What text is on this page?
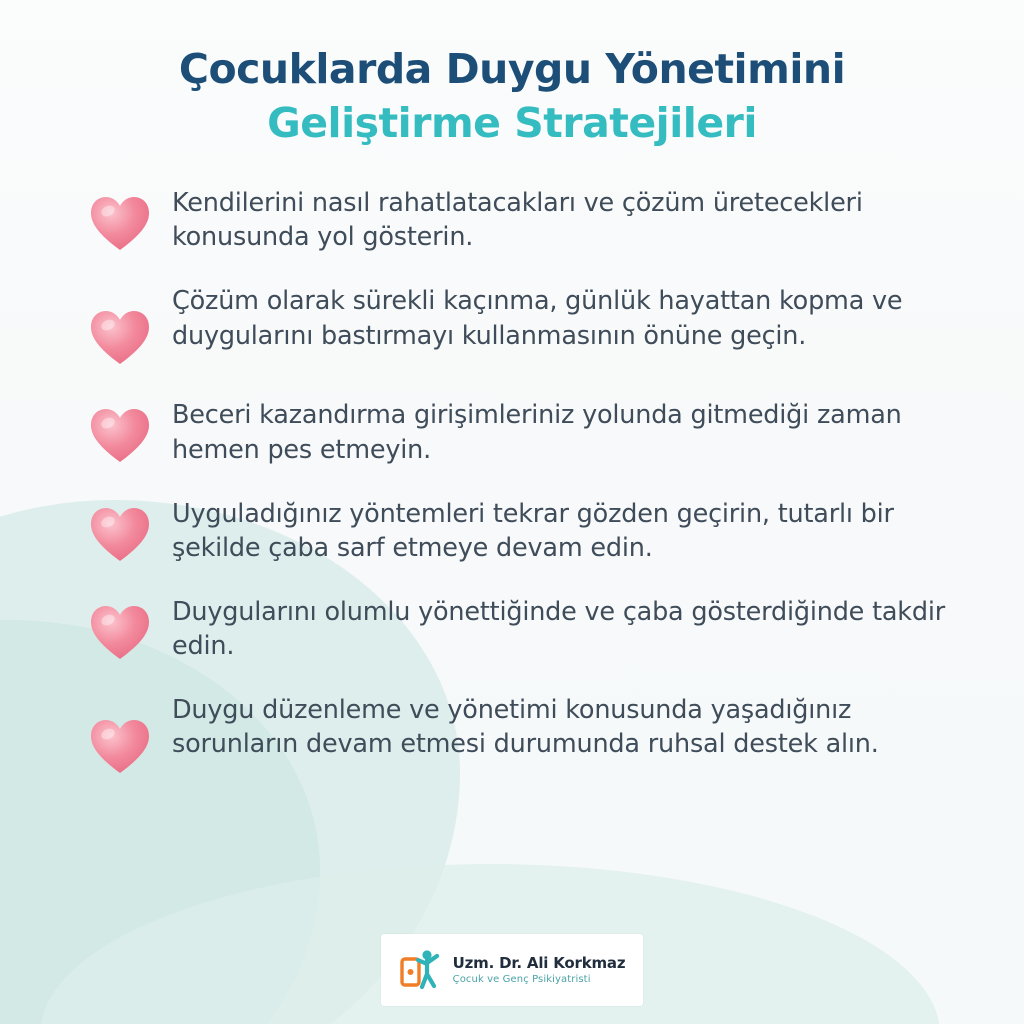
Çocuklarda Duygu Yönetimini
Geliştirme Stratejileri
Kendilerini nasıl rahatlatacakları ve çözüm üretecekleri konusunda yol gösterin.
Çözüm olarak sürekli kaçınma, günlük hayattan kopma ve duygularını bastırmayı kullanmasının önüne geçin.
Beceri kazandırma girişimleriniz yolunda gitmediği zaman hemen pes etmeyin.
Uyguladığınız yöntemleri tekrar gözden geçirin, tutarlı bir şekilde çaba sarf etmeye devam edin.
Duygularını olumlu yönettiğinde ve çaba gösterdiğinde takdir edin.
Duygu düzenleme ve yönetimi konusunda yaşadığınız sorunların devam etmesi durumunda ruhsal destek alın.
Uzm. Dr. Ali Korkmaz
Çocuk ve Genç Psikiyatristi
